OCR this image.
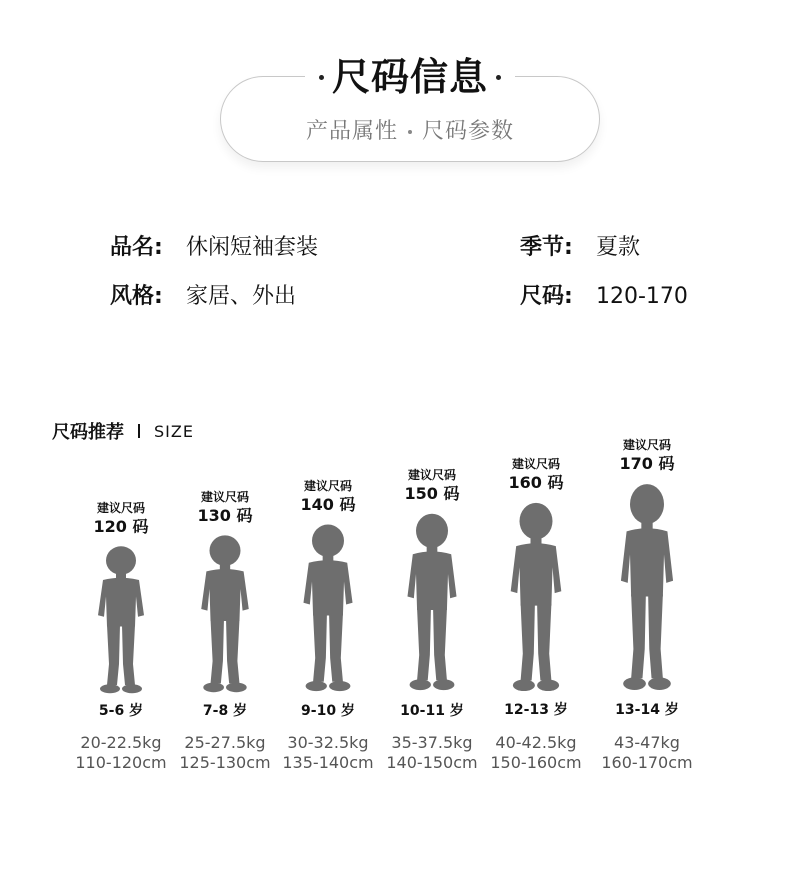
尺码信息
产品属性 尺码参数
品名: 休闲短袖套装	季节: 夏款
风格: 家居、外出	尺码: 120-170
尺码推荐 SIZE
建议尺码
120 码
5-6 岁
建议尺码
130 码
7-8 岁
建议尺码
140 码
9-10 岁
建议尺码
150 码
10-11 岁
建议尺码
160 码
12-13 岁
建议尺码
170 码
13-14 岁
20-22.5kg
110-120cm
25-27.5kg
125-130cm
30-32.5kg
135-140cm
35-37.5kg
140-150cm
40-42.5kg
150-160cm
43-47kg
160-170cm
